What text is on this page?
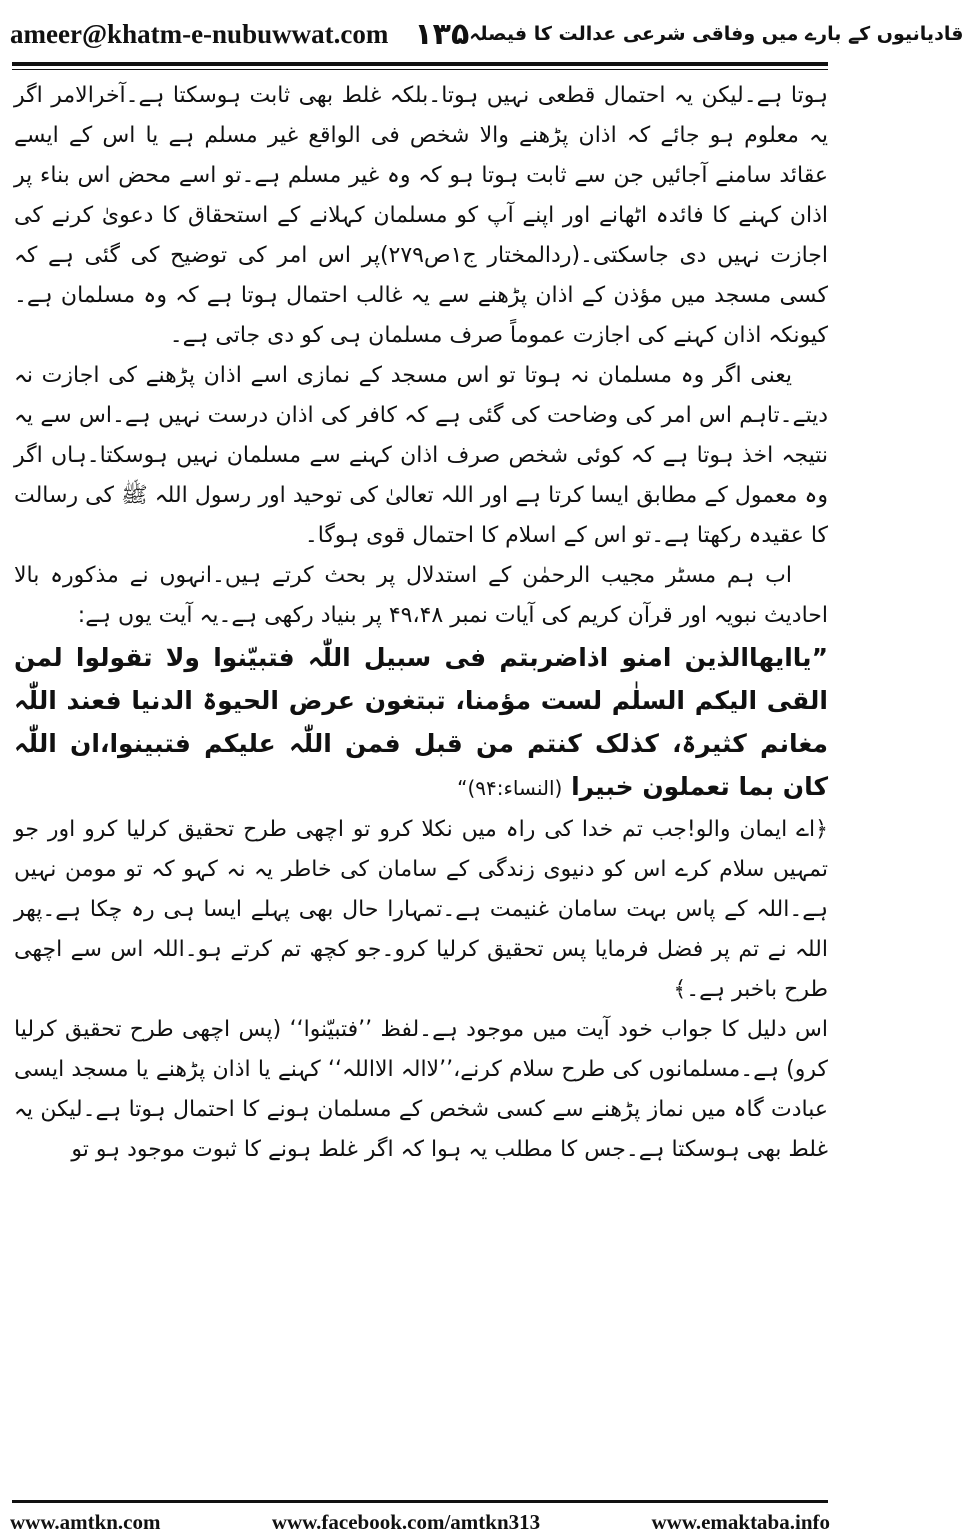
ameer@khatm-e-nubuwwat.com ۱۳۵ قادیانیوں کے بارے میں وفاقی شرعی عدالت کا فیصلہ

ہوتا ہے۔لیکن یہ احتمال قطعی نہیں ہوتا۔بلکہ غلط بھی ثابت ہوسکتا ہے۔آخرالامر اگر یہ معلوم ہو جائے کہ اذان پڑھنے والا شخص فی الواقع غیر مسلم ہے یا اس کے ایسے عقائد سامنے آجائیں جن سے ثابت ہوتا ہو کہ وہ غیر مسلم ہے۔تو اسے محض اس بناء پر اذان کہنے کا فائدہ اٹھانے اور اپنے آپ کو مسلمان کہلانے کے استحقاق کا دعویٰ کرنے کی اجازت نہیں دی جاسکتی۔(ردالمختار ج۱ص۲۷۹)پر اس امر کی توضیح کی گئی ہے کہ کسی مسجد میں مؤذن کے اذان پڑھنے سے یہ غالب احتمال ہوتا ہے کہ وہ مسلمان ہے۔کیونکہ اذان کہنے کی اجازت عموماً صرف مسلمان ہی کو دی جاتی ہے۔

یعنی اگر وہ مسلمان نہ ہوتا تو اس مسجد کے نمازی اسے اذان پڑھنے کی اجازت نہ دیتے۔تاہم اس امر کی وضاحت کی گئی ہے کہ کافر کی اذان درست نہیں ہے۔اس سے یہ نتیجہ اخذ ہوتا ہے کہ کوئی شخص صرف اذان کہنے سے مسلمان نہیں ہوسکتا۔ہاں اگر وہ معمول کے مطابق ایسا کرتا ہے اور اللہ تعالیٰ کی توحید اور رسول اللہ ﷺ کی رسالت کا عقیدہ رکھتا ہے۔تو اس کے اسلام کا احتمال قوی ہوگا۔

اب ہم مسٹر مجیب الرحمٰن کے استدلال پر بحث کرتے ہیں۔انہوں نے مذکورہ بالا احادیث نبویہ اور قرآن کریم کی آیات نمبر ۴۹،۴۸ پر بنیاد رکھی ہے۔یہ آیت یوں ہے:

”یاایھاالذین امنو اذاضربتم فی سبیل اللّٰہ فتبیّنوا ولا تقولوا لمن القی الیکم السلٰم لست مؤمنا، تبتغون عرض الحیوۃ الدنیا فعند اللّٰہ مغانم کثیرۃ، کذلک کنتم من قبل فمن اللّٰہ علیکم فتبینوا،ان اللّٰہ کان بما تعملون خبیرا (النساء:۹۴)“

﴿اے ایمان والو!جب تم خدا کی راہ میں نکلا کرو تو اچھی طرح تحقیق کرلیا کرو اور جو تمہیں سلام کرے اس کو دنیوی زندگی کے سامان کی خاطر یہ نہ کہو کہ تو مومن نہیں ہے۔اللہ کے پاس بہت سامان غنیمت ہے۔تمہارا حال بھی پہلے ایسا ہی رہ چکا ہے۔پھر اللہ نے تم پر فضل فرمایا پس تحقیق کرلیا کرو۔جو کچھ تم کرتے ہو۔اللہ اس سے اچھی طرح باخبر ہے۔﴾

اس دلیل کا جواب خود آیت میں موجود ہے۔لفظ ’’فتبیّنوا‘‘ (پس اچھی طرح تحقیق کرلیا کرو) ہے۔مسلمانوں کی طرح سلام کرنے،’’لاالہ الااللہ‘‘ کہنے یا اذان پڑھنے یا مسجد ایسی عبادت گاہ میں نماز پڑھنے سے کسی شخص کے مسلمان ہونے کا احتمال ہوتا ہے۔لیکن یہ غلط بھی ہوسکتا ہے۔جس کا مطلب یہ ہوا کہ اگر غلط ہونے کا ثبوت موجود ہو تو

www.amtkn.com	www.facebook.com/amtkn313	www.emaktaba.info
